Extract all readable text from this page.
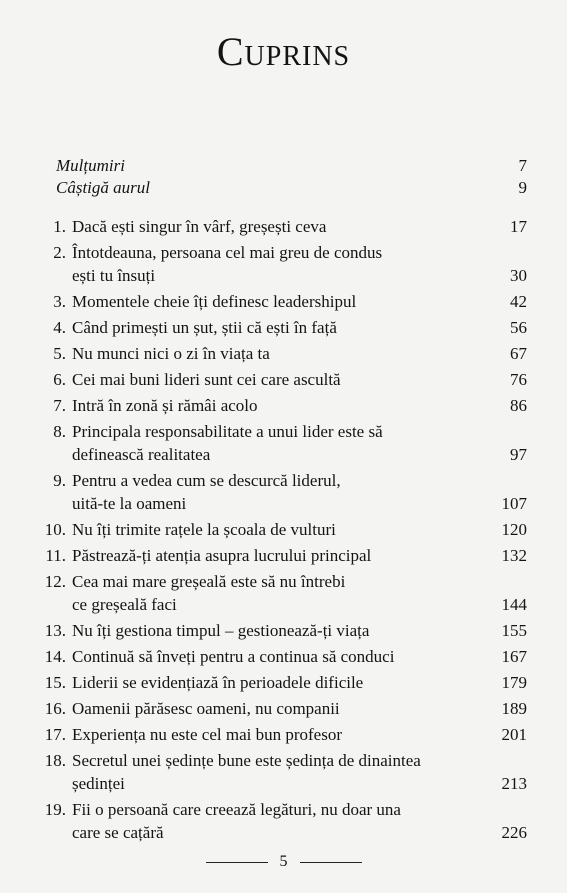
Cuprins
Mulțumiri	7
Câștigă aurul	9
1. Dacă ești singur în vârf, greșești ceva	17
2. Întotdeauna, persoana cel mai greu de condus
ești tu însuți	30
3. Momentele cheie îți definesc leadershipul	42
4. Când primești un șut, știi că ești în față	56
5. Nu munci nici o zi în viața ta	67
6. Cei mai buni lideri sunt cei care ascultă	76
7. Intră în zonă și rămâi acolo	86
8. Principala responsabilitate a unui lider este să
definească realitatea	97
9. Pentru a vedea cum se descurcă liderul,
uită-te la oameni	107
10. Nu îți trimite rațele la școala de vulturi	120
11. Păstrează-ți atenția asupra lucrului principal	132
12. Cea mai mare greșeală este să nu întrebi
ce greșeală faci	144
13. Nu îți gestiona timpul – gestionează-ți viața	155
14. Continuă să înveți pentru a continua să conduci	167
15. Liderii se evidențiază în perioadele dificile	179
16. Oamenii părăsesc oameni, nu companii	189
17. Experiența nu este cel mai bun profesor	201
18. Secretul unei ședințe bune este ședința de dinaintea
ședinței	213
19. Fii o persoană care creează legături, nu doar una
care se cațără	226
5
